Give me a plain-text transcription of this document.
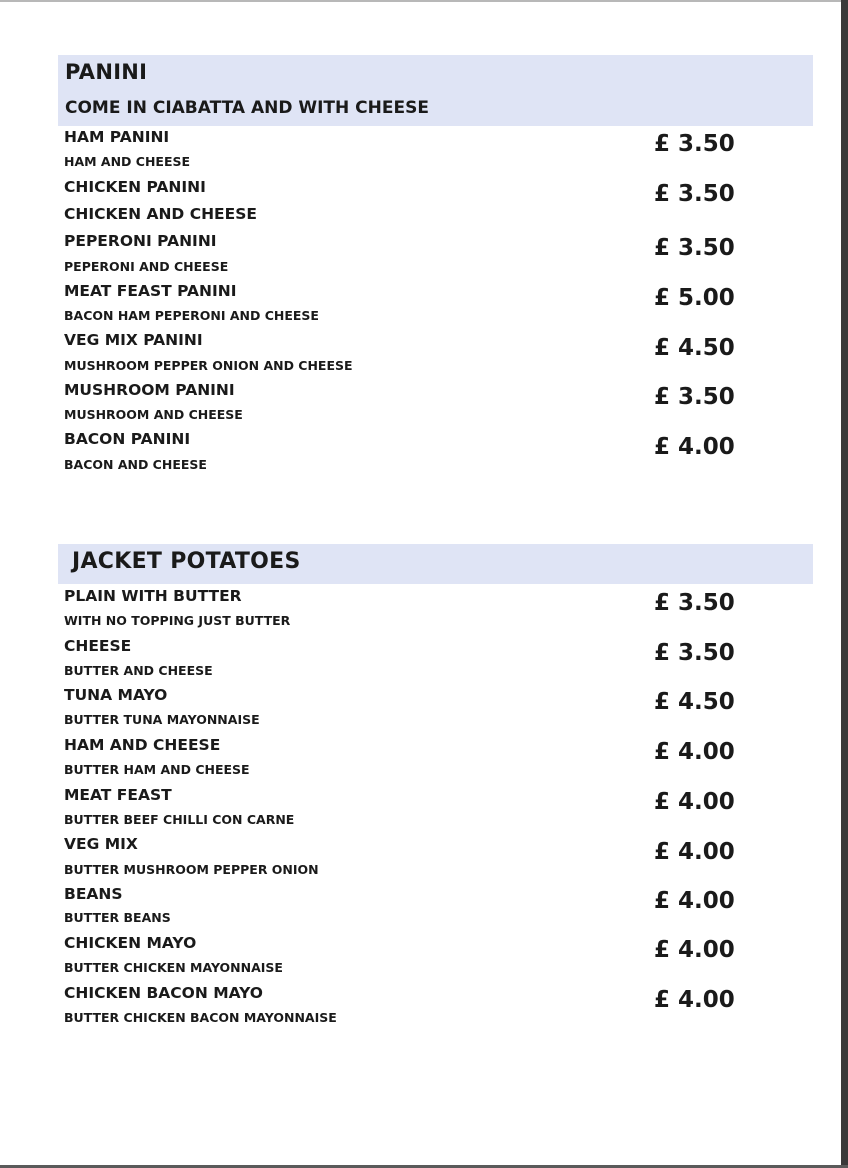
PANINI
COME IN CIABATTA AND WITH CHEESE
HAM PANINI
HAM AND CHEESE
£ 3.50
CHICKEN PANINI
CHICKEN AND CHEESE
£ 3.50
PEPERONI PANINI
PEPERONI AND CHEESE
£ 3.50
MEAT FEAST PANINI
BACON HAM PEPERONI AND CHEESE
£ 5.00
VEG MIX PANINI
MUSHROOM PEPPER ONION AND CHEESE
£ 4.50
MUSHROOM PANINI
MUSHROOM AND CHEESE
£ 3.50
BACON PANINI
BACON AND CHEESE
£ 4.00
JACKET POTATOES
PLAIN WITH BUTTER
WITH NO TOPPING JUST BUTTER
£ 3.50
CHEESE
BUTTER AND CHEESE
£ 3.50
TUNA MAYO
BUTTER TUNA MAYONNAISE
£ 4.50
HAM AND CHEESE
BUTTER HAM AND CHEESE
£ 4.00
MEAT FEAST
BUTTER BEEF CHILLI CON CARNE
£ 4.00
VEG MIX
BUTTER MUSHROOM PEPPER ONION
£ 4.00
BEANS
BUTTER BEANS
£ 4.00
CHICKEN MAYO
BUTTER CHICKEN MAYONNAISE
£ 4.00
CHICKEN BACON MAYO
BUTTER CHICKEN BACON MAYONNAISE
£ 4.00
